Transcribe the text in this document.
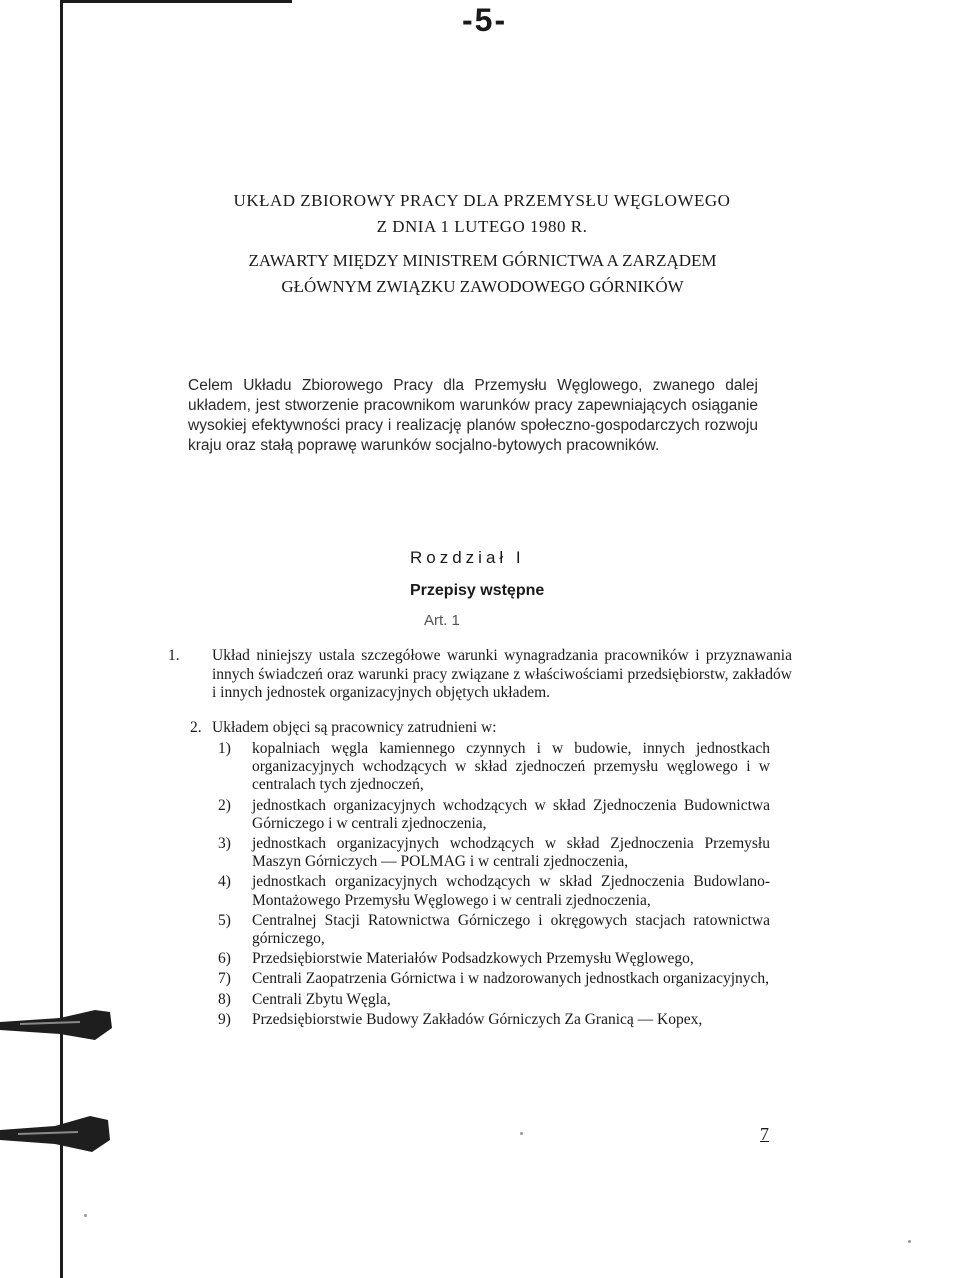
-5-
UKŁAD ZBIOROWY PRACY DLA PRZEMYSŁU WĘGLOWEGO
Z DNIA 1 LUTEGO 1980 R.
ZAWARTY MIĘDZY MINISTREM GÓRNICTWA A ZARZĄDEM
GŁÓWNYM ZWIĄZKU ZAWODOWEGO GÓRNIKÓW
Celem Układu Zbiorowego Pracy dla Przemysłu Węglowego, zwanego dalej układem, jest stworzenie pracownikom warunków pracy zapewniających osiąganie wysokiej efektywności pracy i realizację planów społeczno-gospodarczych rozwoju kraju oraz stałą poprawę warunków socjalno-bytowych pracowników.
Rozdział I
Przepisy wstępne
Art. 1
1. Układ niniejszy ustala szczegółowe warunki wynagradzania pracowników i przyznawania innych świadczeń oraz warunki pracy związane z właściwościami przedsiębiorstw, zakładów i innych jednostek organizacyjnych objętych układem.
2. Układem objęci są pracownicy zatrudnieni w:
1)	kopalniach węgla kamiennego czynnych i w budowie, innych jednostkach organizacyjnych wchodzących w skład zjednoczeń przemysłu węglowego i w centralach tych zjednoczeń,
2)	jednostkach organizacyjnych wchodzących w skład Zjednoczenia Budownictwa Górniczego i w centrali zjednoczenia,
3)	jednostkach organizacyjnych wchodzących w skład Zjednoczenia Przemysłu Maszyn Górniczych — POLMAG i w centrali zjednoczenia,
4)	jednostkach organizacyjnych wchodzących w skład Zjednoczenia Budowlano-Montażowego Przemysłu Węglowego i w centrali zjednoczenia,
5)	Centralnej Stacji Ratownictwa Górniczego i okręgowych stacjach ratownictwa górniczego,
6)	Przedsiębiorstwie Materiałów Podsadzkowych Przemysłu Węglowego,
7)	Centrali Zaopatrzenia Górnictwa i w nadzorowanych jednostkach organizacyjnych,
8)	Centrali Zbytu Węgla,
9)	Przedsiębiorstwie Budowy Zakładów Górniczych Za Granicą — Kopex,
7
